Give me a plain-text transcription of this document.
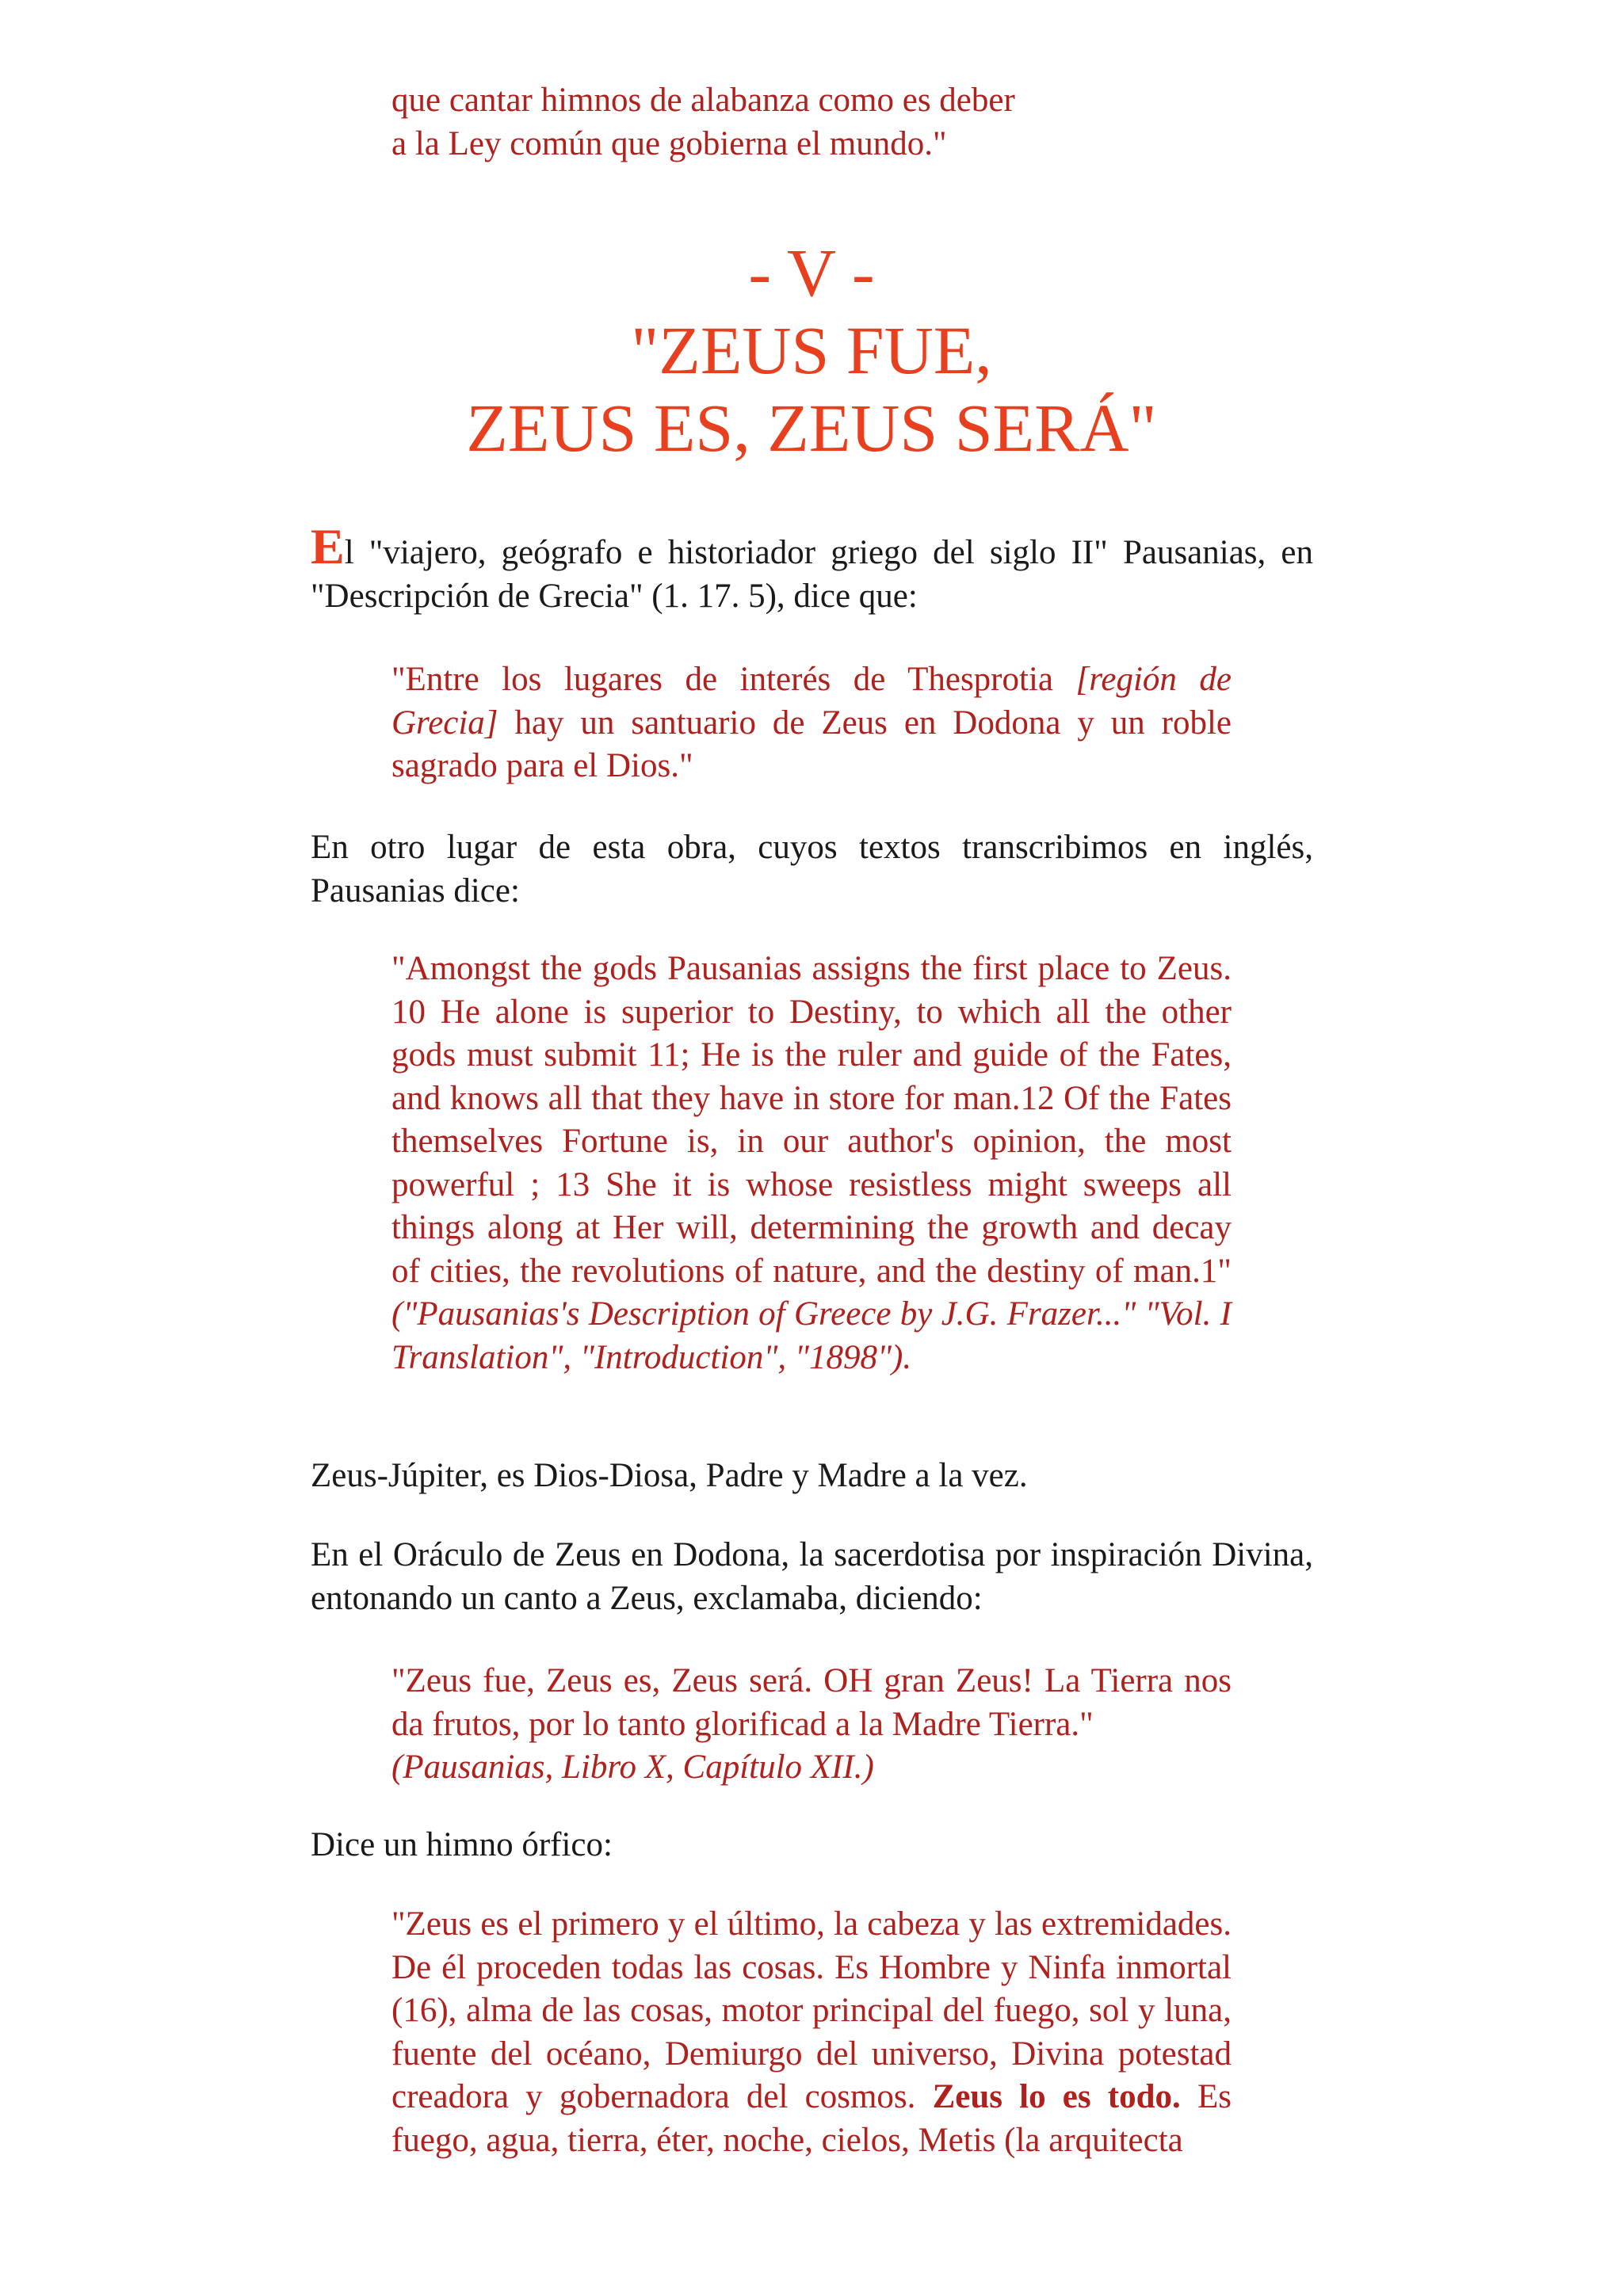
que cantar himnos de alabanza como es deber
a la Ley común que gobierna el mundo."
- V -
"ZEUS FUE,
ZEUS ES, ZEUS SERÁ"
El "viajero, geógrafo e historiador griego del siglo II" Pausanias, en "Descripción de Grecia" (1. 17. 5), dice que:
"Entre los lugares de interés de Thesprotia [región de Grecia] hay un santuario de Zeus en Dodona y un roble sagrado para el Dios."
En otro lugar de esta obra, cuyos textos transcribimos en inglés, Pausanias dice:
"Amongst the gods Pausanias assigns the first place to Zeus. 10 He alone is superior to Destiny, to which all the other gods must submit 11; He is the ruler and guide of the Fates, and knows all that they have in store for man.12 Of the Fates themselves Fortune is, in our author's opinion, the most powerful ; 13 She it is whose resistless might sweeps all things along at Her will, determining the growth and decay of cities, the revolutions of nature, and the destiny of man.1" ("Pausanias's Description of Greece by J.G. Frazer..." "Vol. I Translation", "Introduction", "1898").
Zeus-Júpiter, es Dios-Diosa, Padre y Madre a la vez.
En el Oráculo de Zeus en Dodona, la sacerdotisa por inspiración Divina, entonando un canto a Zeus, exclamaba, diciendo:
"Zeus fue, Zeus es, Zeus será. OH gran Zeus! La Tierra nos da frutos, por lo tanto glorificad a la Madre Tierra."
(Pausanias, Libro X, Capítulo XII.)
Dice un himno órfico:
"Zeus es el primero y el último, la cabeza y las extremidades. De él proceden todas las cosas. Es Hombre y Ninfa inmortal (16), alma de las cosas, motor principal del fuego, sol y luna, fuente del océano, Demiurgo del universo, Divina potestad creadora y gobernadora del cosmos. Zeus lo es todo. Es fuego, agua, tierra, éter, noche, cielos, Metis (la arquitecta
